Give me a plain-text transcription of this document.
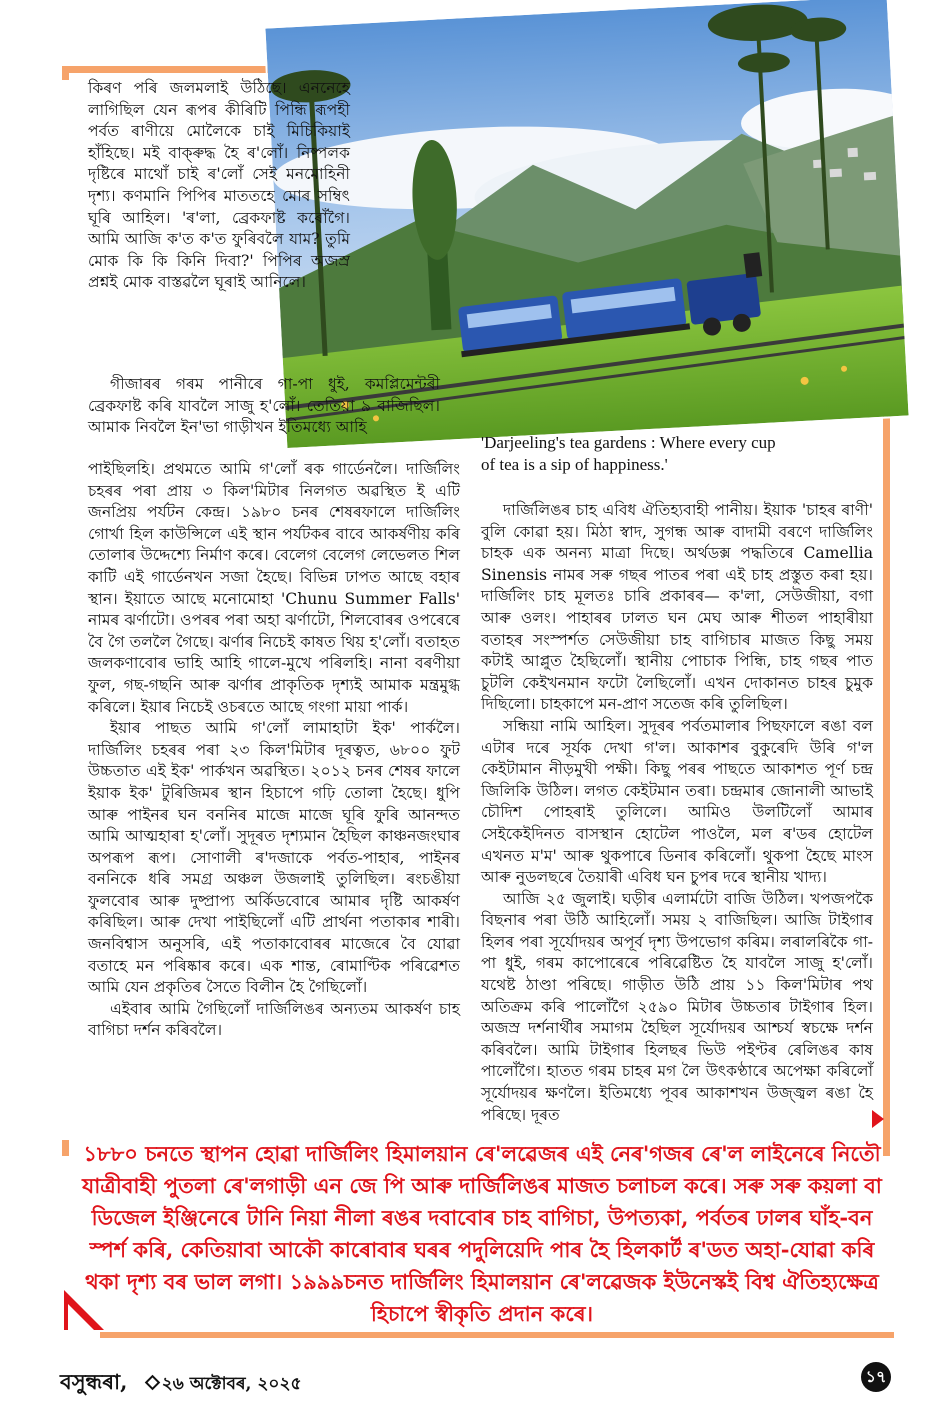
কিৰণ পৰি জলমলাই উঠিছে। এননেহে লাগিছিল যেন ৰূপৰ কীৰিটি পিন্ধি ৰূপহী পৰ্বত ৰাণীয়ে মোলৈকে চাই মিচিকিয়াই হাঁহিছে। মই বাক্‌ৰুদ্ধ হৈ ৰ'লোঁ। নিষ্পলক দৃষ্টিৰে মাথোঁ চাই ৰ'লোঁ সেই মনমোহিনী দৃশ্য। কণমানি পিপিৰ মাততহে মোৰ সম্বিৎ ঘূৰি আহিল। 'ৰ'লা, ব্ৰেকফাষ্ট কৰোঁগৈ। আমি আজি ক'ত ক'ত ফুৰিবলৈ যাম? তুমি মোক কি কি কিনি দিবা?' পিপিৰ অজস্ৰ প্ৰশ্নই মোক বাস্তৱলৈ ঘূৰাই আনিলে।

গীজাৰৰ গৰম পানীৰে গা-পা ধুই, কমপ্লিমেন্টৰী ব্ৰেকফাষ্ট কৰি যাবলৈ সাজু হ'লোঁ। তেতিয়া ৯ বাজিছিল। আমাক নিবলৈ ইন'ভা গাড়ীখন ইতিমধ্যে আহি

পাইছিলহি। প্ৰথমতে আমি গ'লোঁ ৰক গাৰ্ডেনলৈ। দাৰ্জিলিং চহৰৰ পৰা প্ৰায় ৩ কিল'মিটাৰ নিলগত অৱস্থিত ই এটি জনপ্ৰিয় পৰ্যটন কেন্দ্ৰ। ১৯৮০ চনৰ শেষৰফালে দাৰ্জিলিং গোৰ্খা হিল কাউন্সিলে এই স্থান পৰ্যটকৰ বাবে আকৰ্ষণীয় কৰি তোলাৰ উদ্দেশ্যে নিৰ্মাণ কৰে। বেলেগ বেলেগ লেভেলত শিল কাটি এই গাৰ্ডেনখন সজা হৈছে। বিভিন্ন ঢাপত আছে বহাৰ স্থান। ইয়াতে আছে মনোমোহা 'Chunu Summer Falls' নামৰ ঝৰ্ণাটো। ওপৰৰ পৰা অহা ঝৰ্ণাটো, শিলবোৰৰ ওপৰেৰে বৈ গৈ তললৈ গৈছে। ঝৰ্ণাৰ নিচেই কাষত থিয় হ'লোঁ। বতাহত জলকণাবোৰ ভাহি আহি গালে-মুখে পৰিলহি। নানা বৰণীয়া ফুল, গছ-গছনি আৰু ঝৰ্ণাৰ প্ৰাকৃতিক দৃশ্যই আমাক মন্ত্ৰমুগ্ধ কৰিলে। ইয়াৰ নিচেই ওচৰতে আছে গংগা মায়া পাৰ্ক।

ইয়াৰ পাছত আমি গ'লোঁ লামাহাটা ইক' পাৰ্কলৈ। দাৰ্জিলিং চহৰৰ পৰা ২৩ কিল'মিটাৰ দূৰত্বত, ৬৮০০ ফুট উচ্চতাত এই ইক' পাৰ্কখন অৱস্থিত। ২০১২ চনৰ শেষৰ ফালে ইয়াক ইক' টুৰিজিমৰ স্থান হিচাপে গঢ়ি তোলা হৈছে। ধুপি আৰু পাইনৰ ঘন বননিৰ মাজে মাজে ঘূৰি ফুৰি আনন্দত আমি আত্মহাৰা হ'লোঁ। সুদূৰত দৃশ্যমান হৈছিল কাঞ্চনজংঘাৰ অপৰূপ ৰূপ। সোণালী ৰ'দজাকে পৰ্বত-পাহাৰ, পাইনৰ বননিকে ধৰি সমগ্ৰ অঞ্চল উজলাই তুলিছিল। ৰংচঙীয়া ফুলবোৰ আৰু দুষ্প্ৰাপ্য অৰ্কিডবোৰে আমাৰ দৃষ্টি আকৰ্ষণ কৰিছিল। আৰু দেখা পাইছিলোঁ এটি প্ৰাৰ্থনা পতাকাৰ শাৰী। জনবিশ্বাস অনুসৰি, এই পতাকাবোৰৰ মাজেৰে বৈ যোৱা বতাহে মন পৰিষ্কাৰ কৰে। এক শান্ত, ৰোমাণ্টিক পৰিৱেশত আমি যেন প্ৰকৃতিৰ সৈতে বিলীন হৈ গৈছিলোঁ।

এইবাৰ আমি গৈছিলোঁ দাৰ্জিলিঙৰ অন্যতম আকৰ্ষণ চাহ বাগিচা দৰ্শন কৰিবলৈ।

'Darjeeling's tea gardens : Where every cup of tea is a sip of happiness.'

দাৰ্জিলিঙৰ চাহ এবিধ ঐতিহ্যবাহী পানীয়। ইয়াক 'চাহৰ ৰাণী' বুলি কোৱা হয়। মিঠা স্বাদ, সুগন্ধ আৰু বাদামী বৰণে দাৰ্জিলিং চাহক এক অনন্য মাত্ৰা দিছে। অৰ্থডক্স পদ্ধতিৰে Camellia Sinensis নামৰ সৰু গছৰ পাতৰ পৰা এই চাহ প্ৰস্তুত কৰা হয়। দাৰ্জিলিং চাহ মূলতঃ চাৰি প্ৰকাৰৰ— ক'লা, সেউজীয়া, বগা আৰু ওলং। পাহাৰৰ ঢালত ঘন মেঘ আৰু শীতল পাহাৰীয়া বতাহৰ সংস্পৰ্শত সেউজীয়া চাহ বাগিচাৰ মাজত কিছু সময় কটাই আপ্লুত হৈছিলোঁ। স্থানীয় পোচাক পিন্ধি, চাহ গছৰ পাত চুটলি কেইখনমান ফটো লৈছিলোঁ। এখন দোকানত চাহৰ চুমুক দিছিলো। চাহকাপে মন-প্ৰাণ সতেজ কৰি তুলিছিল।

সন্ধিয়া নামি আহিল। সুদূৰৰ পৰ্বতমালাৰ পিছফালে ৰঙা বল এটাৰ দৰে সূৰ্যক দেখা গ'ল। আকাশৰ বুকুৰেদি উৰি গ'ল কেইটামান নীড়মুখী পক্ষী। কিছু পৰৰ পাছতে আকাশত পূৰ্ণ চন্দ্ৰ জিলিকি উঠিল। লগত কেইটমান তৰা। চন্দ্ৰমাৰ জোনালী আভাই চৌদিশ পোহৰাই তুলিলে। আমিও উলটিলোঁ আমাৰ সেইকেইদিনত বাসস্থান হোটেল পাওলৈ, মল ৰ'ডৰ হোটেল এখনত ম'ম' আৰু থুকপাৰে ডিনাৰ কৰিলোঁ। থুকপা হৈছে মাংস আৰু নুডলছৰে তৈয়াৰী এবিধ ঘন চুপৰ দৰে স্থানীয় খাদ্য।

আজি ২৫ জুলাই। ঘড়ীৰ এলাৰ্মটো বাজি উঠিল। খপজপকৈ বিছনাৰ পৰা উঠি আহিলোঁ। সময় ২ বাজিছিল। আজি টাইগাৰ হিলৰ পৰা সূৰ্যোদয়ৰ অপূৰ্ব দৃশ্য উপভোগ কৰিম। লৰালৰিকৈ গা-পা ধুই, গৰম কাপোৰেৰে পৰিৱেষ্টিত হৈ যাবলৈ সাজু হ'লোঁ। যথেষ্ট ঠাণ্ডা পৰিছে। গাড়ীত উঠি প্ৰায় ১১ কিল'মিটাৰ পথ অতিক্ৰম কৰি পালোঁগৈ ২৫৯০ মিটাৰ উচ্চতাৰ টাইগাৰ হিল। অজস্ৰ দৰ্শনাৰ্থীৰ সমাগম হৈছিল সূৰ্যোদয়ৰ আশ্চৰ্য স্বচক্ষে দৰ্শন কৰিবলৈ। আমি টাইগাৰ হিলছৰ ভিউ পইণ্টৰ ৰেলিঙৰ কাষ পালোঁগৈ। হাতত গৰম চাহৰ মগ লৈ উৎকণ্ঠাৰে অপেক্ষা কৰিলোঁ সূৰ্যোদয়ৰ ক্ষণলৈ। ইতিমধ্যে পূবৰ আকাশখন উজ্জ্বল ৰঙা হৈ পৰিছে। দূৰত

১৮৮০ চনতে স্থাপন হোৱা দাৰ্জিলিং হিমালয়ান ৰে'লৱেজৰ এই নেৰ'গজৰ ৰে'ল লাইনেৰে নিতৌ যাত্ৰীবাহী পুতলা ৰে'লগাড়ী এন জে পি আৰু দাৰ্জিলিঙৰ মাজত চলাচল কৰে। সৰু সৰু কয়লা বা ডিজেল ইঞ্জিনেৰে টানি নিয়া নীলা ৰঙৰ দবাবোৰ চাহ বাগিচা, উপত্যকা, পৰ্বতৰ ঢালৰ ঘাঁহ-বন স্পৰ্শ কৰি, কেতিয়াবা আকৌ কাৰোবাৰ ঘৰৰ পদুলিয়েদি পাৰ হৈ হিলকাৰ্ট ৰ'ডত অহা-যোৱা কৰি থকা দৃশ্য বৰ ভাল লগা। ১৯৯৯চনত দাৰ্জিলিং হিমালয়ান ৰে'লৱেজক ইউনেস্কই বিশ্ব ঐতিহ্যক্ষেত্ৰ হিচাপে স্বীকৃতি প্ৰদান কৰে।
বসুন্ধৰা, ২৬ অক্টোবৰ, ২০২৫	১৭
